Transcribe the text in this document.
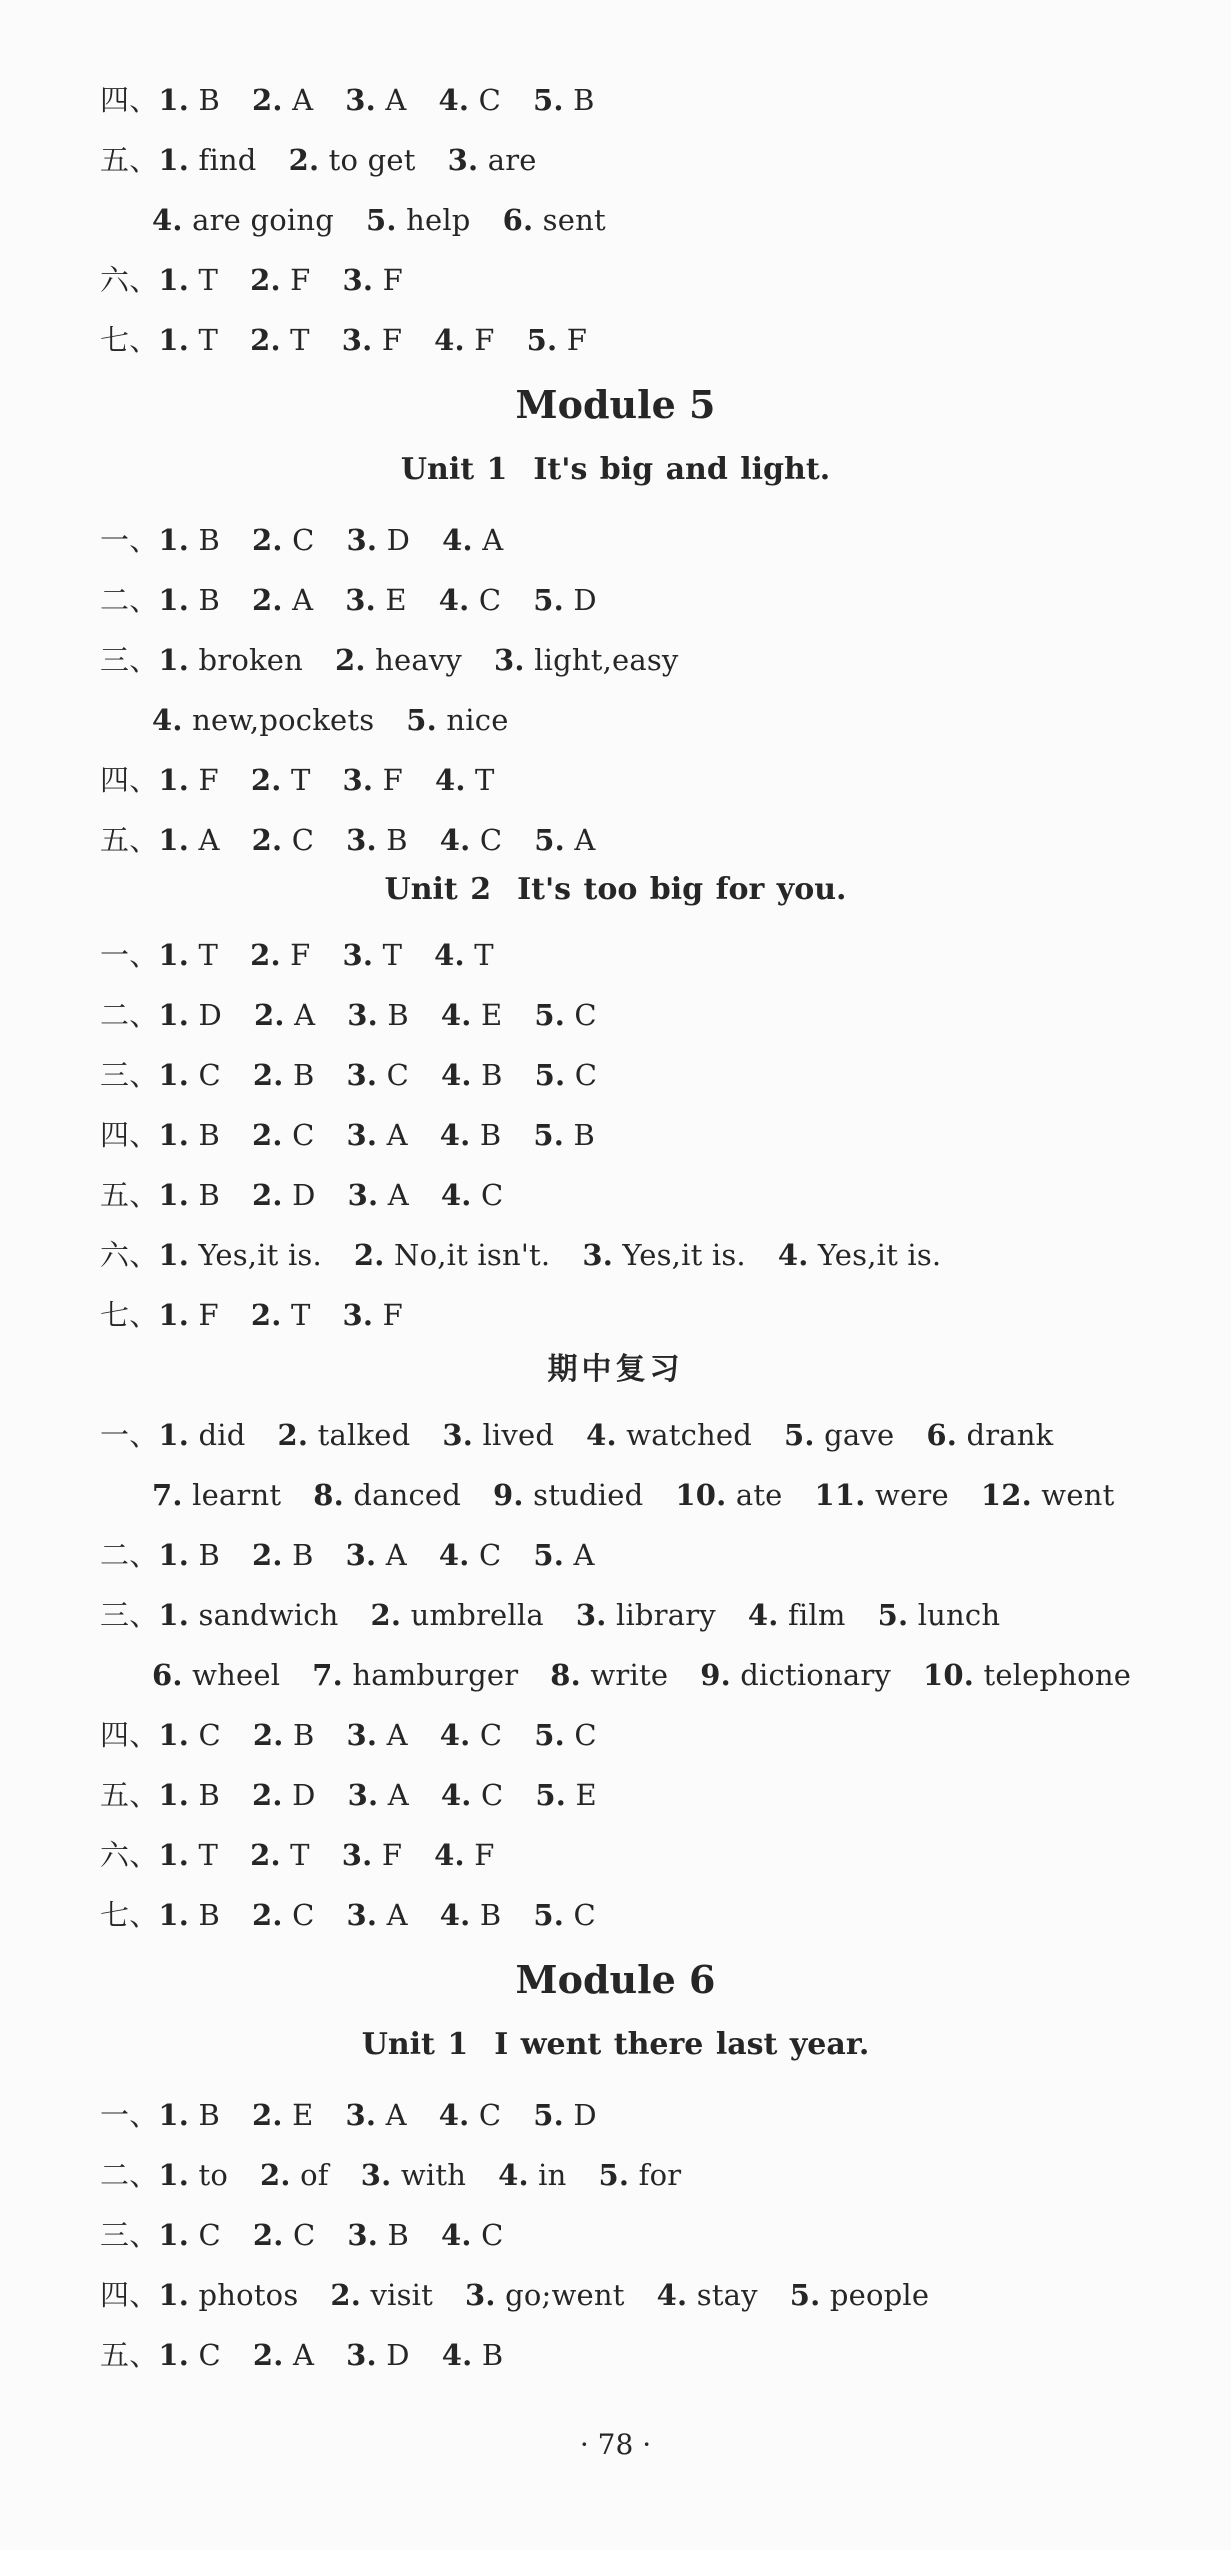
四、1. B 2. A 3. A 4. C 5. B
五、1. find 2. to get 3. are
4. are going 5. help 6. sent
六、1. T 2. F 3. F
七、1. T 2. T 3. F 4. F 5. F
Module 5
Unit 1 It's big and light.
一、1. B 2. C 3. D 4. A
二、1. B 2. A 3. E 4. C 5. D
三、1. broken 2. heavy 3. light,easy
4. new,pockets 5. nice
四、1. F 2. T 3. F 4. T
五、1. A 2. C 3. B 4. C 5. A
Unit 2 It's too big for you.
一、1. T 2. F 3. T 4. T
二、1. D 2. A 3. B 4. E 5. C
三、1. C 2. B 3. C 4. B 5. C
四、1. B 2. C 3. A 4. B 5. B
五、1. B 2. D 3. A 4. C
六、1. Yes,it is. 2. No,it isn't. 3. Yes,it is. 4. Yes,it is.
七、1. F 2. T 3. F
期中复习
一、1. did 2. talked 3. lived 4. watched 5. gave 6. drank
7. learnt 8. danced 9. studied 10. ate 11. were 12. went
二、1. B 2. B 3. A 4. C 5. A
三、1. sandwich 2. umbrella 3. library 4. film 5. lunch
6. wheel 7. hamburger 8. write 9. dictionary 10. telephone
四、1. C 2. B 3. A 4. C 5. C
五、1. B 2. D 3. A 4. C 5. E
六、1. T 2. T 3. F 4. F
七、1. B 2. C 3. A 4. B 5. C
Module 6
Unit 1 I went there last year.
一、1. B 2. E 3. A 4. C 5. D
二、1. to 2. of 3. with 4. in 5. for
三、1. C 2. C 3. B 4. C
四、1. photos 2. visit 3. go;went 4. stay 5. people
五、1. C 2. A 3. D 4. B
· 78 ·
